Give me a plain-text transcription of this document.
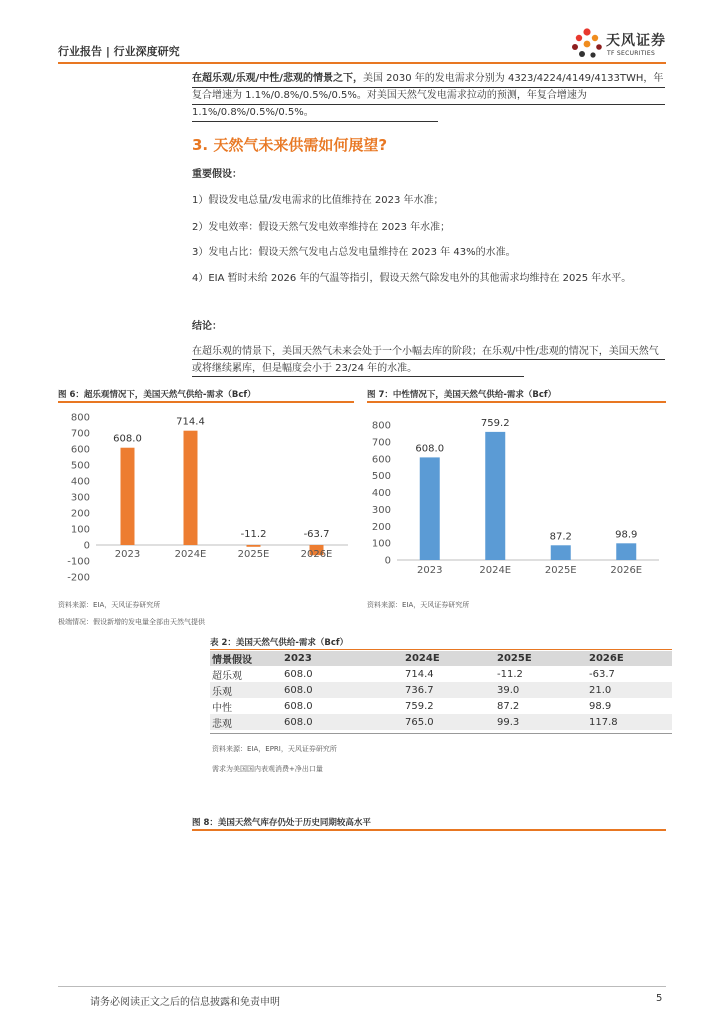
行业报告 | 行业深度研究
天风证券
TF SECURITIES
在超乐观/乐观/中性/悲观的情景之下，美国 2030 年的发电需求分别为 4323/4224/4149/4133TWH，年复合增速为 1.1%/0.8%/0.5%/0.5%。对美国天然气发电需求拉动的预测，年复合增速为 1.1%/0.8%/0.5%/0.5%。
3. 天然气未来供需如何展望?
重要假设：
1）假设发电总量/发电需求的比值维持在 2023 年水准；
2）发电效率：假设天然气发电效率维持在 2023 年水准；
3）发电占比：假设天然气发电占总发电量维持在 2023 年 43%的水准。
4）EIA 暂时未给 2026 年的气温等指引，假设天然气除发电外的其他需求均维持在 2025 年水平。
结论：
在超乐观的情景下，美国天然气未来会处于一个小幅去库的阶段；在乐观/中性/悲观的情况下，美国天然气或将继续累库，但是幅度会小于 23/24 年的水准。
图 6：超乐观情况下，美国天然气供给-需求（Bcf）
800
700
600
500
400
300
200
100
0
-100
-200
608.0
2023
714.4
2024E
-11.2
2025E
-63.7
2026E
资料来源：EIA，天风证券研究所
极端情况：假设新增的发电量全部由天然气提供
图 7：中性情况下，美国天然气供给-需求（Bcf）
800
700
600
500
400
300
200
100
0
608.0
2023
759.2
2024E
87.2
2025E
98.9
2026E
资料来源：EIA，天风证券研究所
表 2：美国天然气供给-需求（Bcf）
情景假设	2023	2024E	2025E	2026E
超乐观	608.0	714.4	-11.2	-63.7
乐观	608.0	736.7	39.0	21.0
中性	608.0	759.2	87.2	98.9
悲观	608.0	765.0	99.3	117.8
资料来源：EIA，EPRI，天风证券研究所
需求为美国国内表观消费+净出口量
图 8：美国天然气库存仍处于历史同期较高水平
请务必阅读正文之后的信息披露和免责申明	5
